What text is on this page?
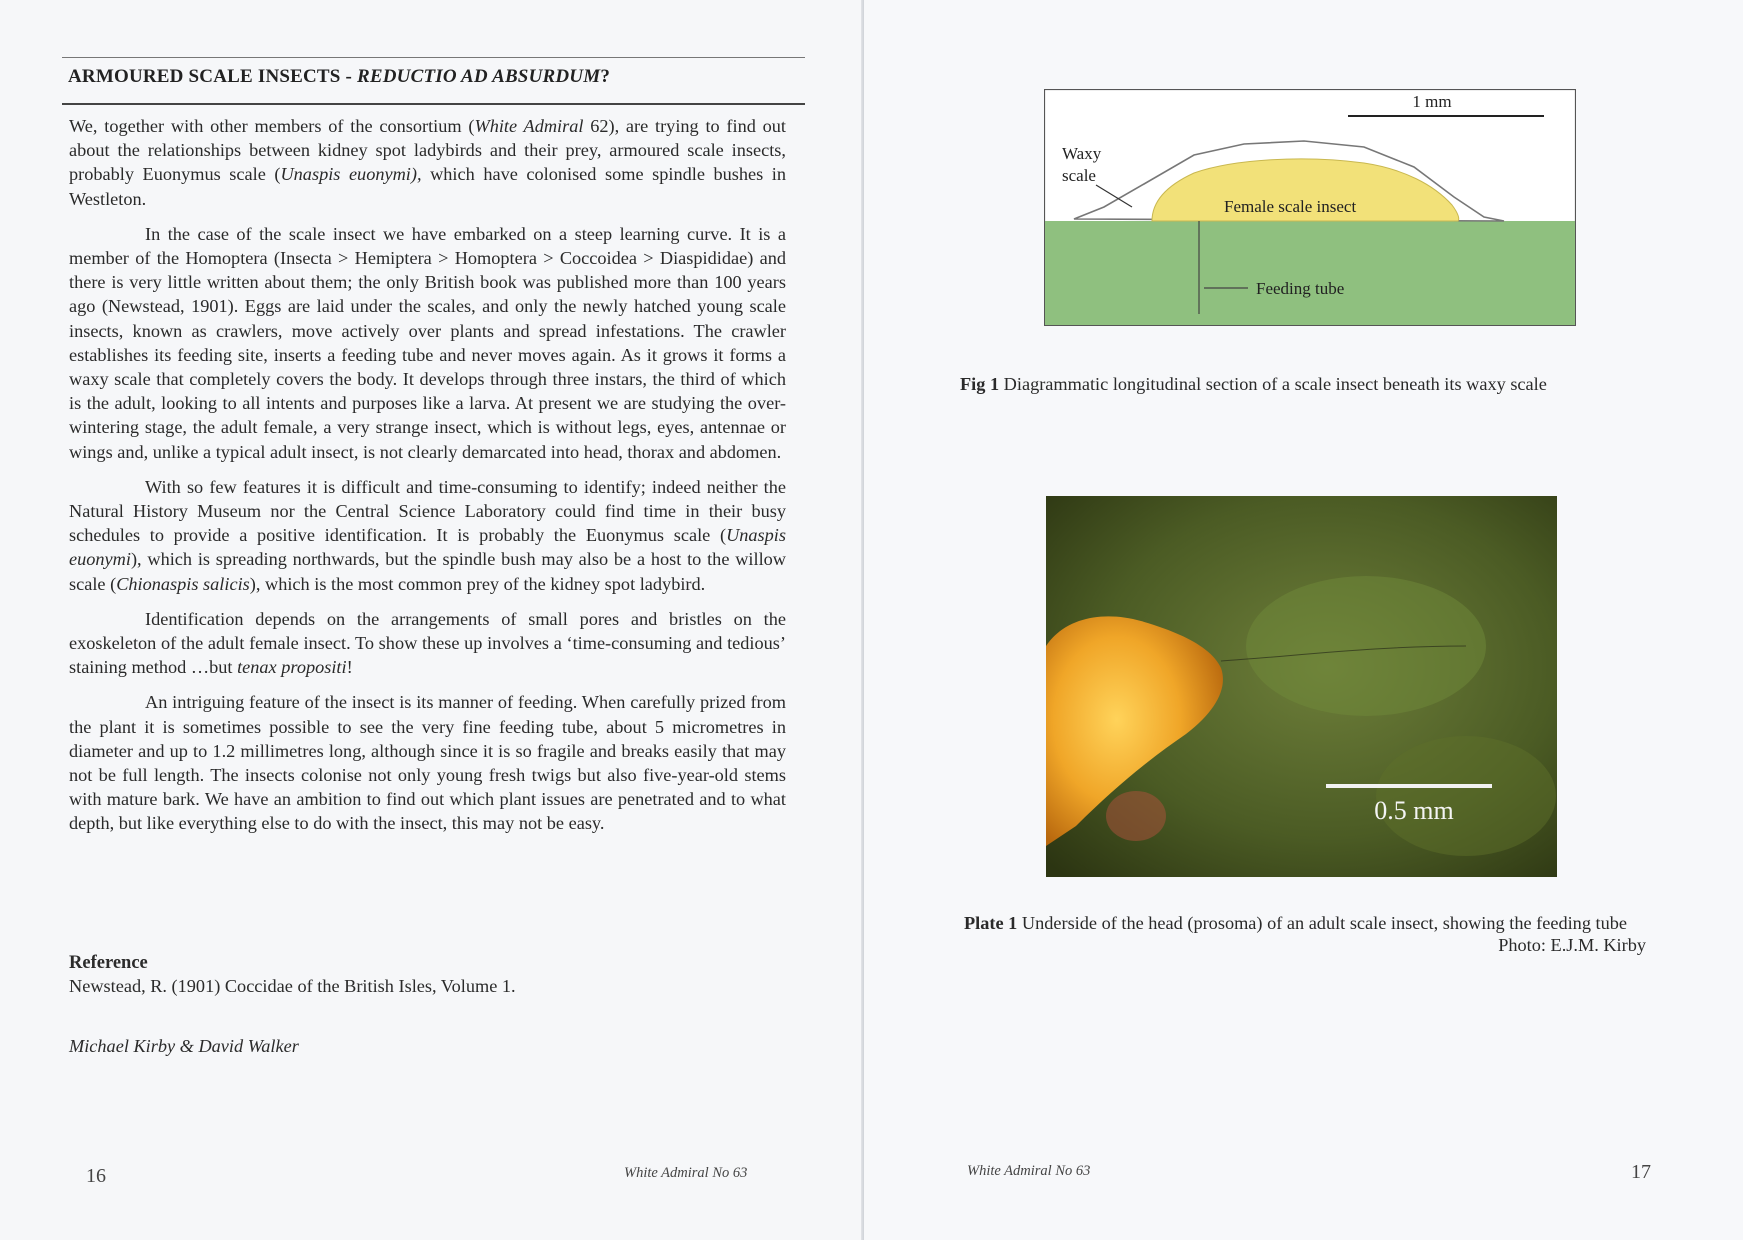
ARMOURED SCALE INSECTS - REDUCTIO AD ABSURDUM?

We, together with other members of the consortium (White Admiral 62), are trying to find out about the relationships between kidney spot ladybirds and their prey, armoured scale insects, probably Euonymus scale (Unaspis euonymi), which have colonised some spindle bushes in Westleton.

In the case of the scale insect we have embarked on a steep learning curve. It is a member of the Homoptera (Insecta > Hemiptera > Homoptera > Coccoidea > Diaspididae) and there is very little written about them; the only British book was published more than 100 years ago (Newstead, 1901). Eggs are laid under the scales, and only the newly hatched young scale insects, known as crawlers, move actively over plants and spread infestations. The crawler establishes its feeding site, inserts a feeding tube and never moves again. As it grows it forms a waxy scale that completely covers the body. It develops through three instars, the third of which is the adult, looking to all intents and purposes like a larva. At present we are studying the over-wintering stage, the adult female, a very strange insect, which is without legs, eyes, antennae or wings and, unlike a typical adult insect, is not clearly demarcated into head, thorax and abdomen.

With so few features it is difficult and time-consuming to identify; indeed neither the Natural History Museum nor the Central Science Laboratory could find time in their busy schedules to provide a positive identification. It is probably the Euonymus scale (Unaspis euonymi), which is spreading northwards, but the spindle bush may also be a host to the willow scale (Chionaspis salicis), which is the most common prey of the kidney spot ladybird.

Identification depends on the arrangements of small pores and bristles on the exoskeleton of the adult female insect. To show these up involves a ‘time-consuming and tedious’ staining method …but tenax propositi!

An intriguing feature of the insect is its manner of feeding. When carefully prized from the plant it is sometimes possible to see the very fine feeding tube, about 5 micrometres in diameter and up to 1.2 millimetres long, although since it is so fragile and breaks easily that may not be full length. The insects colonise not only young fresh twigs but also five-year-old stems with mature bark. We have an ambition to find out which plant issues are penetrated and to what depth, but like everything else to do with the insect, this may not be easy.

Reference
Newstead, R. (1901) Coccidae of the British Isles, Volume 1.
Michael Kirby & David Walker
16	White Admiral No 63
1 mm
Waxy
scale
Female scale insect
Feeding tube
Fig 1 Diagrammatic longitudinal section of a scale insect beneath its waxy scale
0.5 mm
Plate 1 Underside of the head (prosoma) of an adult scale insect, showing the feeding tube
Photo: E.J.M. Kirby
White Admiral No 63	17
